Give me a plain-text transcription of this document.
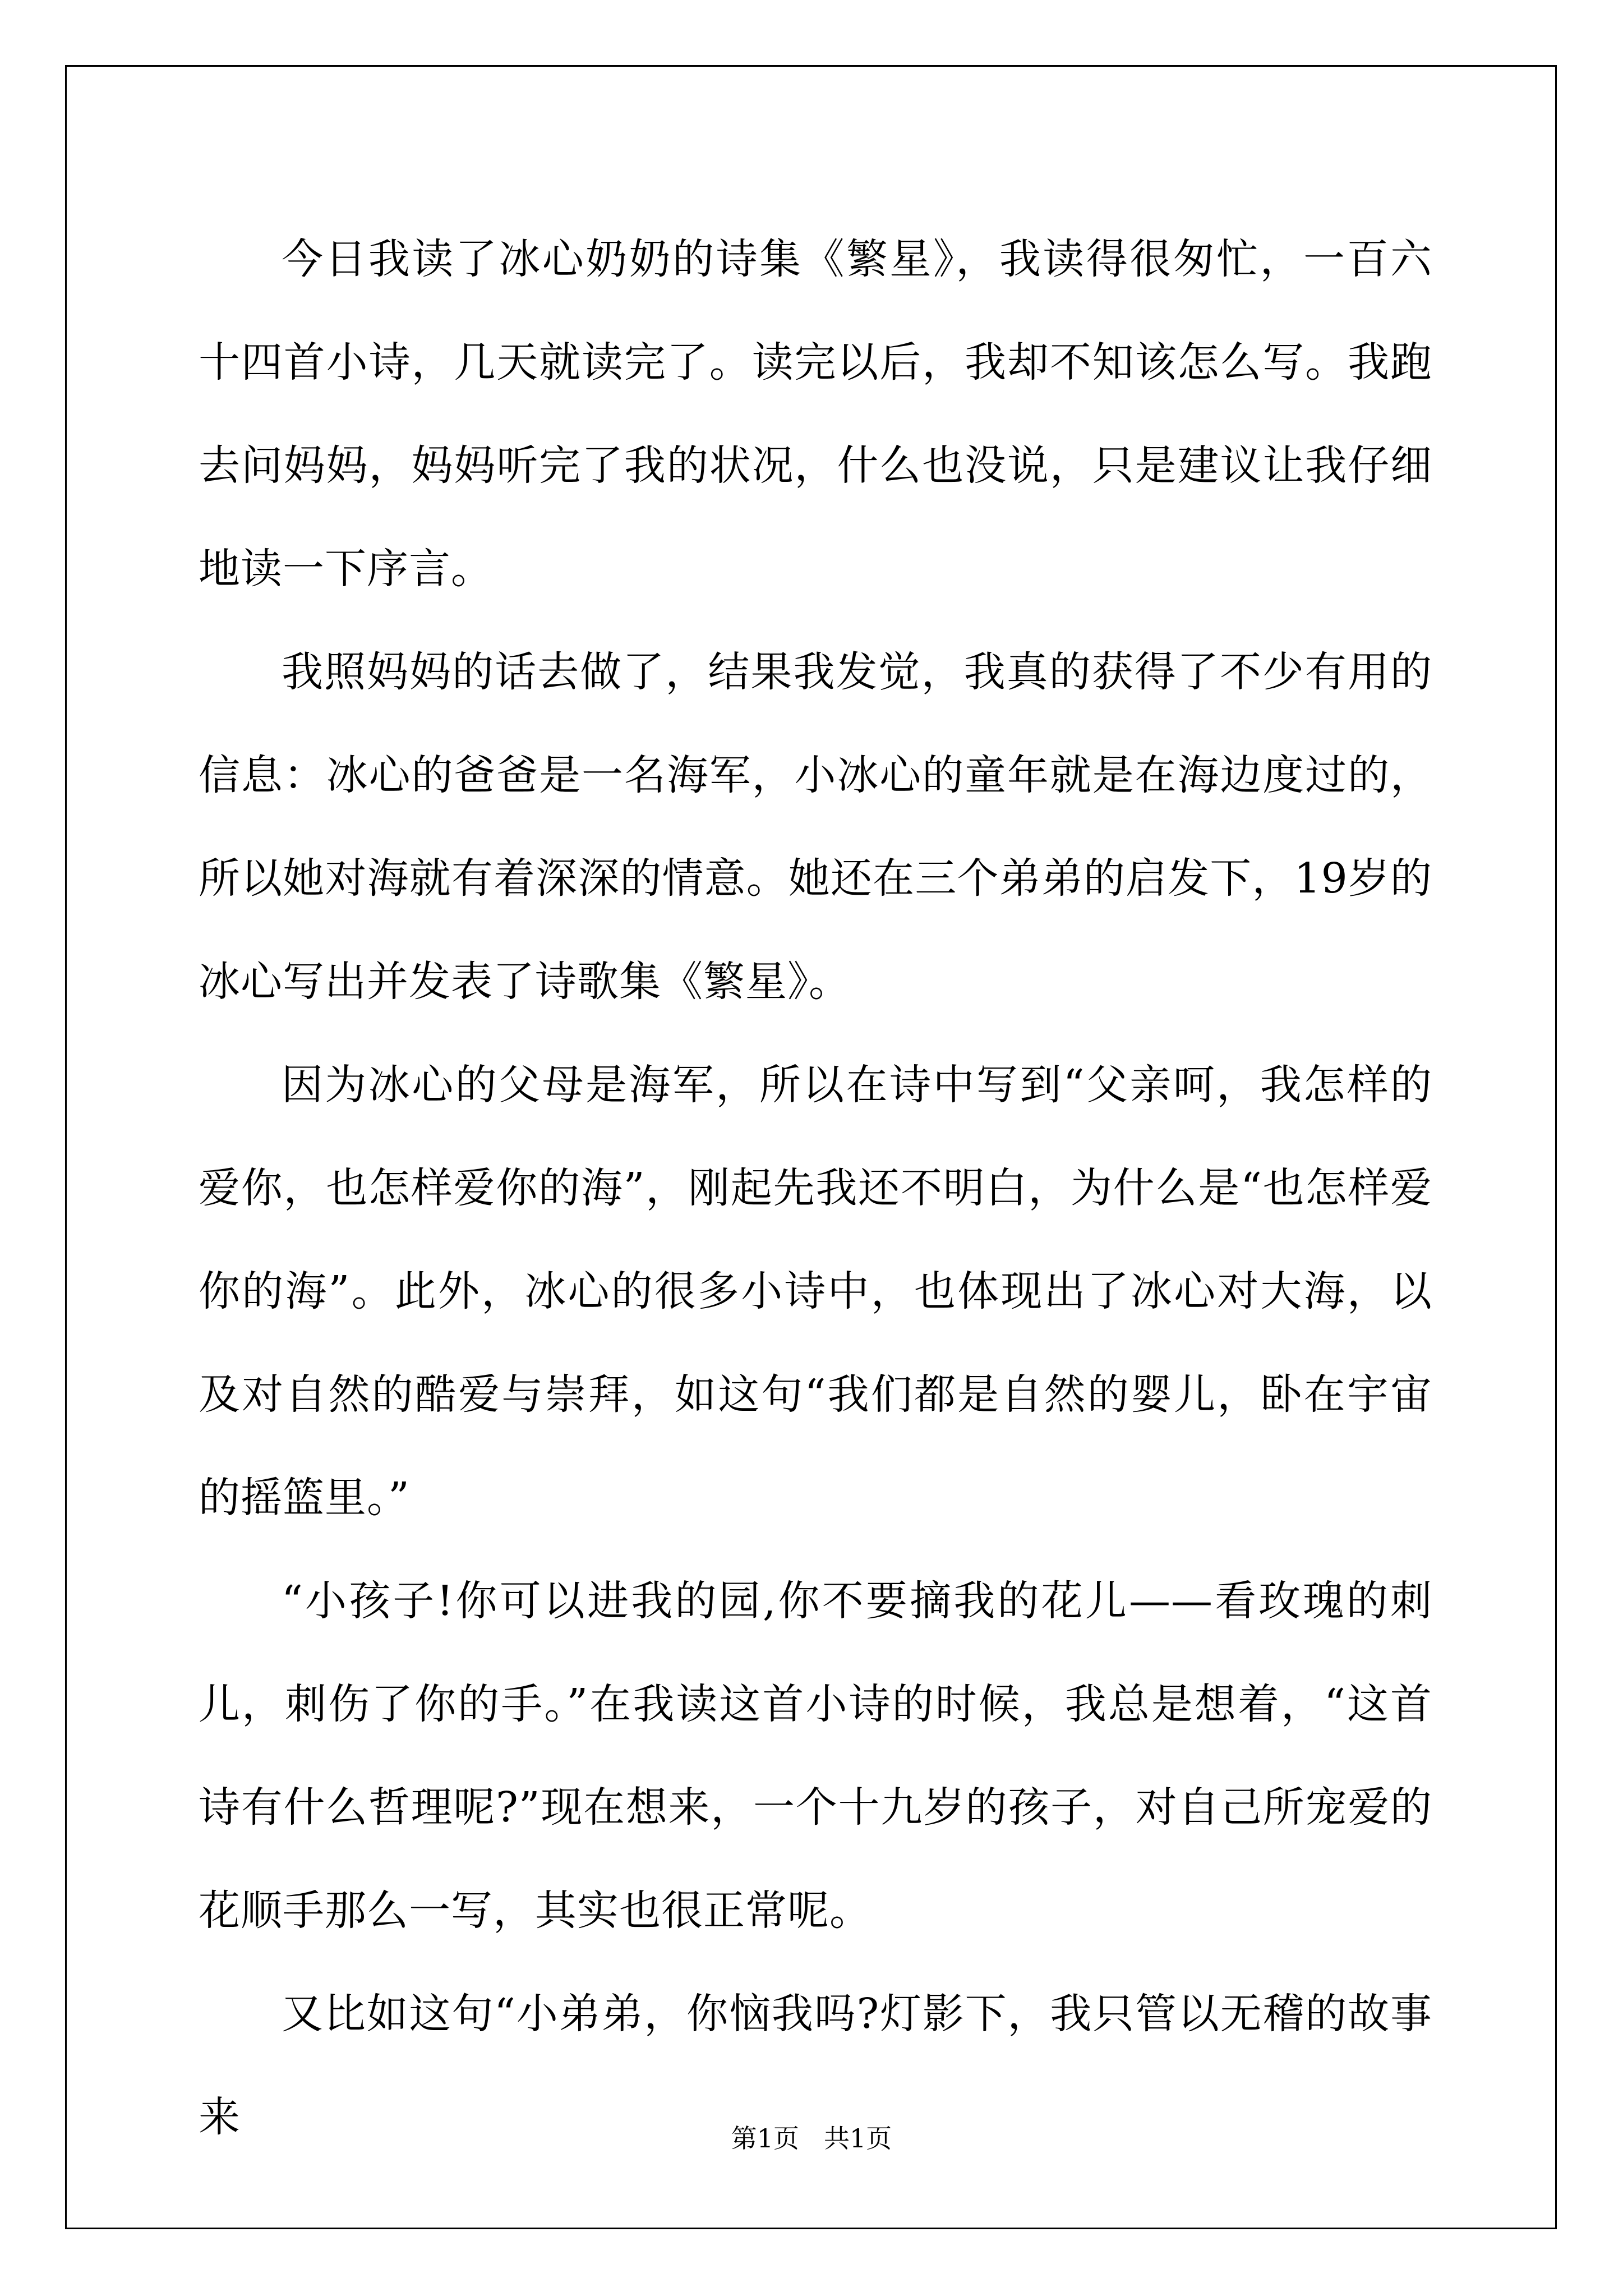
今日我读了冰心奶奶的诗集《繁星》，我读得很匆忙，一百六十四首小诗，几天就读完了。读完以后，我却不知该怎么写。我跑去问妈妈，妈妈听完了我的状况，什么也没说，只是建议让我仔细地读一下序言。

我照妈妈的话去做了，结果我发觉，我真的获得了不少有用的信息：冰心的爸爸是一名海军，小冰心的童年就是在海边度过的，所以她对海就有着深深的情意。她还在三个弟弟的启发下，19岁的冰心写出并发表了诗歌集《繁星》。

因为冰心的父母是海军，所以在诗中写到“父亲呵，我怎样的爱你，也怎样爱你的海”，刚起先我还不明白，为什么是“也怎样爱你的海”。此外，冰心的很多小诗中，也体现出了冰心对大海，以及对自然的酷爱与崇拜，如这句“我们都是自然的婴儿，卧在宇宙的摇篮里。”

“小孩子!你可以进我的园,你不要摘我的花儿——看玫瑰的刺儿，刺伤了你的手。”在我读这首小诗的时候，我总是想着，“这首诗有什么哲理呢?”现在想来，一个十九岁的孩子，对自己所宠爱的花顺手那么一写，其实也很正常呢。

又比如这句“小弟弟，你恼我吗?灯影下，我只管以无稽的故事来	第1页 共1页
